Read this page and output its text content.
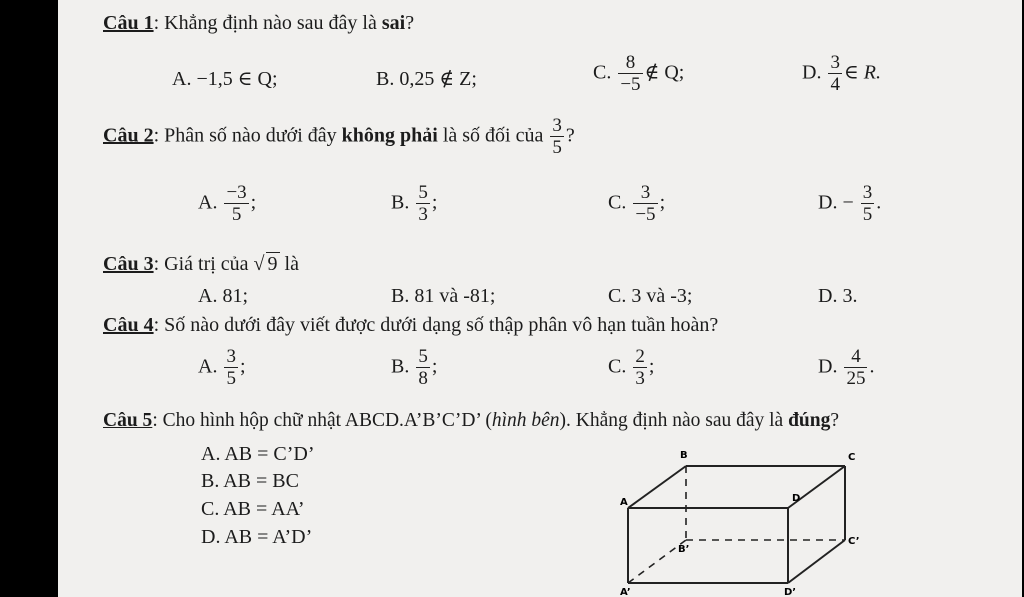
Câu 1: Khẳng định nào sau đây là sai?
A. −1,5 ∈ Q;	B. 0,25 ∉ Z;	C. $\frac{8}{-5}$ ∉ Q;	D. $\frac{3}{4}$ ∈ R.
Câu 2: Phân số nào dưới đây không phải là số đối của $\frac{3}{5}$ ?
A. $\frac{-3}{5}$ ;	B. $\frac{5}{3}$ ;	C. $\frac{3}{-5}$ ;	D. − $\frac{3}{5}$ .
Câu 3: Giá trị của √ 9 là
A. 81;	B. 81 và -81;	C. 3 và -3;	D. 3.
Câu 4: Số nào dưới đây viết được dưới dạng số thập phân vô hạn tuần hoàn?
A. $\frac{3}{5}$ ;	B. $\frac{5}{8}$ ;	C. $\frac{2}{3}$ ;	D. $\frac{4}{25}$ .
Câu 5: Cho hình hộp chữ nhật ABCD.A’B’C’D’ (hình bên). Khẳng định nào sau đây là đúng?
A. AB = C’D’
B. AB = BC
C. AB = AA’
D. AB = A’D’
A
B	C
D
A’
B’
C’
D’
